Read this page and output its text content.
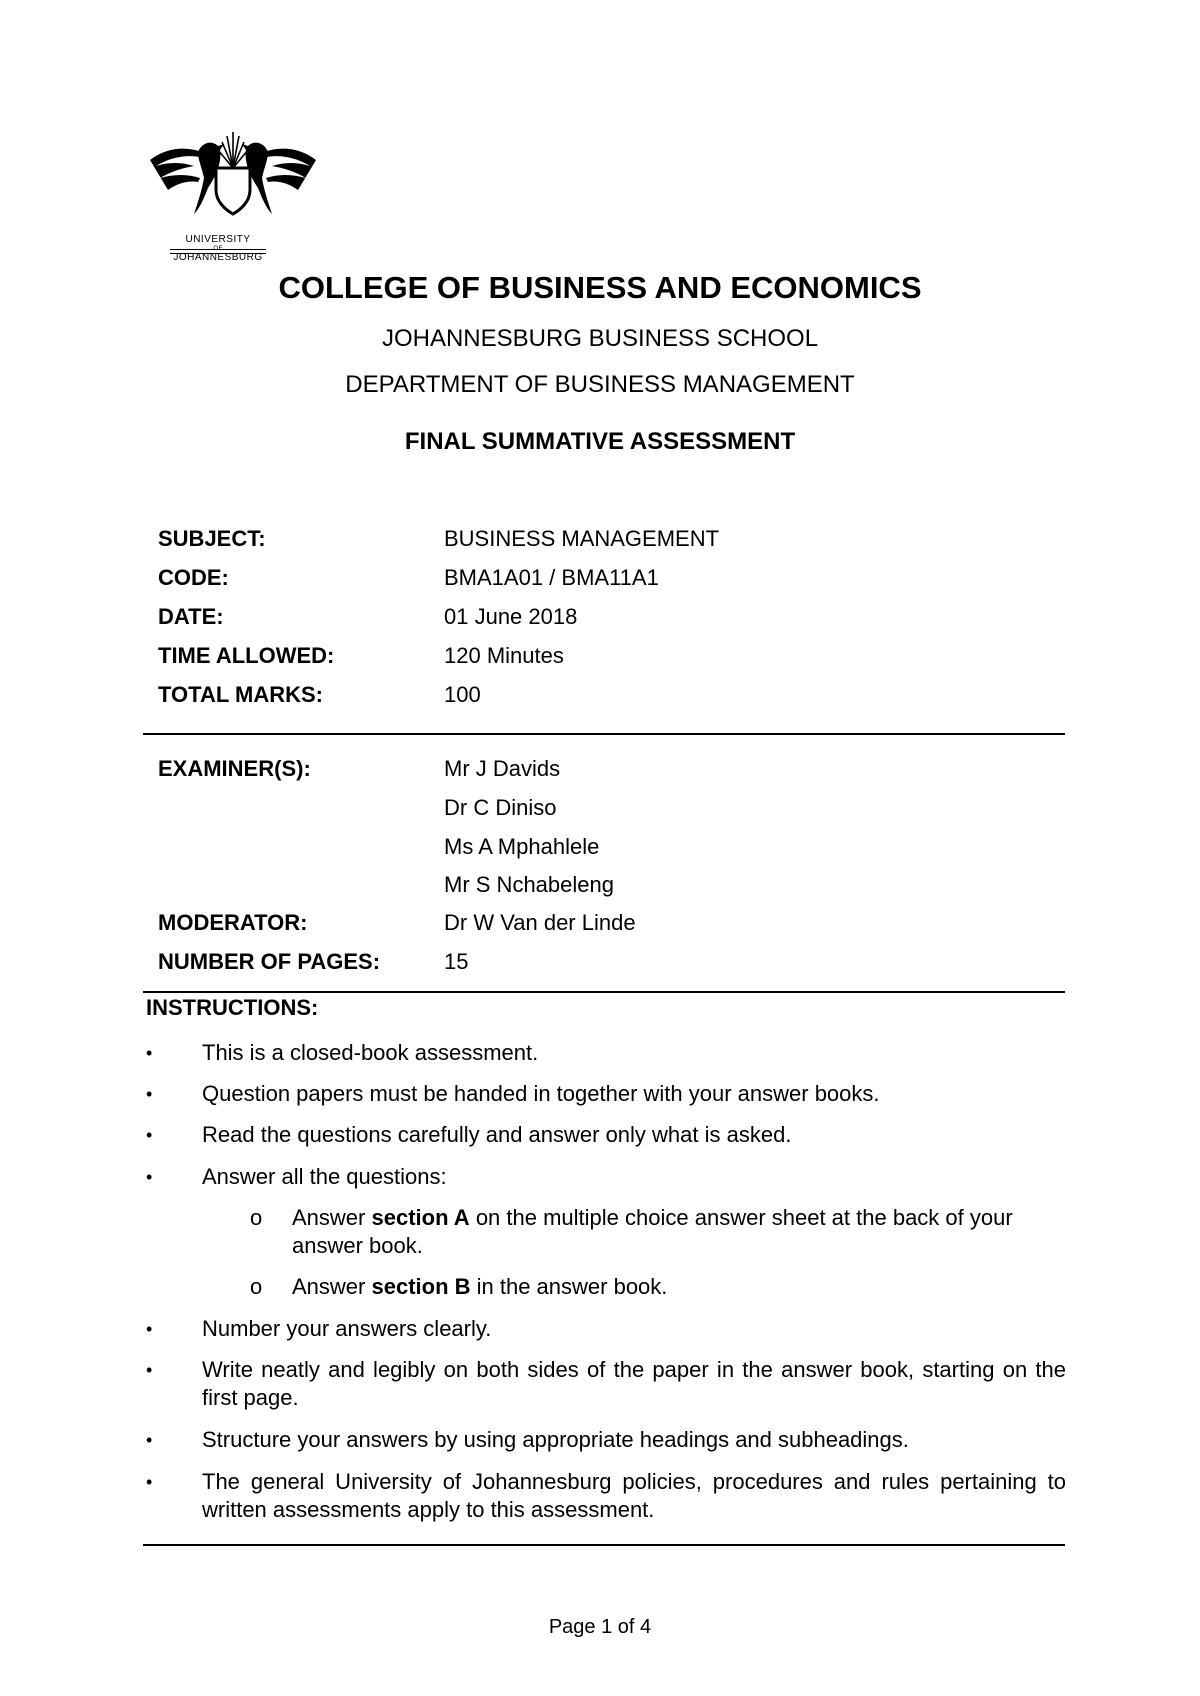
UNIVERSITY
OF
JOHANNESBURG
COLLEGE OF BUSINESS AND ECONOMICS
JOHANNESBURG BUSINESS SCHOOL
DEPARTMENT OF BUSINESS MANAGEMENT
FINAL SUMMATIVE ASSESSMENT
SUBJECT:	BUSINESS MANAGEMENT
CODE:	BMA1A01 / BMA11A1
DATE:	01 June 2018
TIME ALLOWED:	120 Minutes
TOTAL MARKS:	100
EXAMINER(S):	Mr J Davids
Dr C Diniso
Ms A Mphahlele
Mr S Nchabeleng
MODERATOR:	Dr W Van der Linde
NUMBER OF PAGES:	15
INSTRUCTIONS:
•	This is a closed-book assessment.
•	Question papers must be handed in together with your answer books.
•	Read the questions carefully and answer only what is asked.
•	Answer all the questions:
o Answer section A on the multiple choice answer sheet at the back of your answer book.
o Answer section B in the answer book.
•	Number your answers clearly.
•	Write neatly and legibly on both sides of the paper in the answer book, starting on the first page.
•	Structure your answers by using appropriate headings and subheadings.
•	The general University of Johannesburg policies, procedures and rules pertaining to written assessments apply to this assessment.
Page 1 of 4
